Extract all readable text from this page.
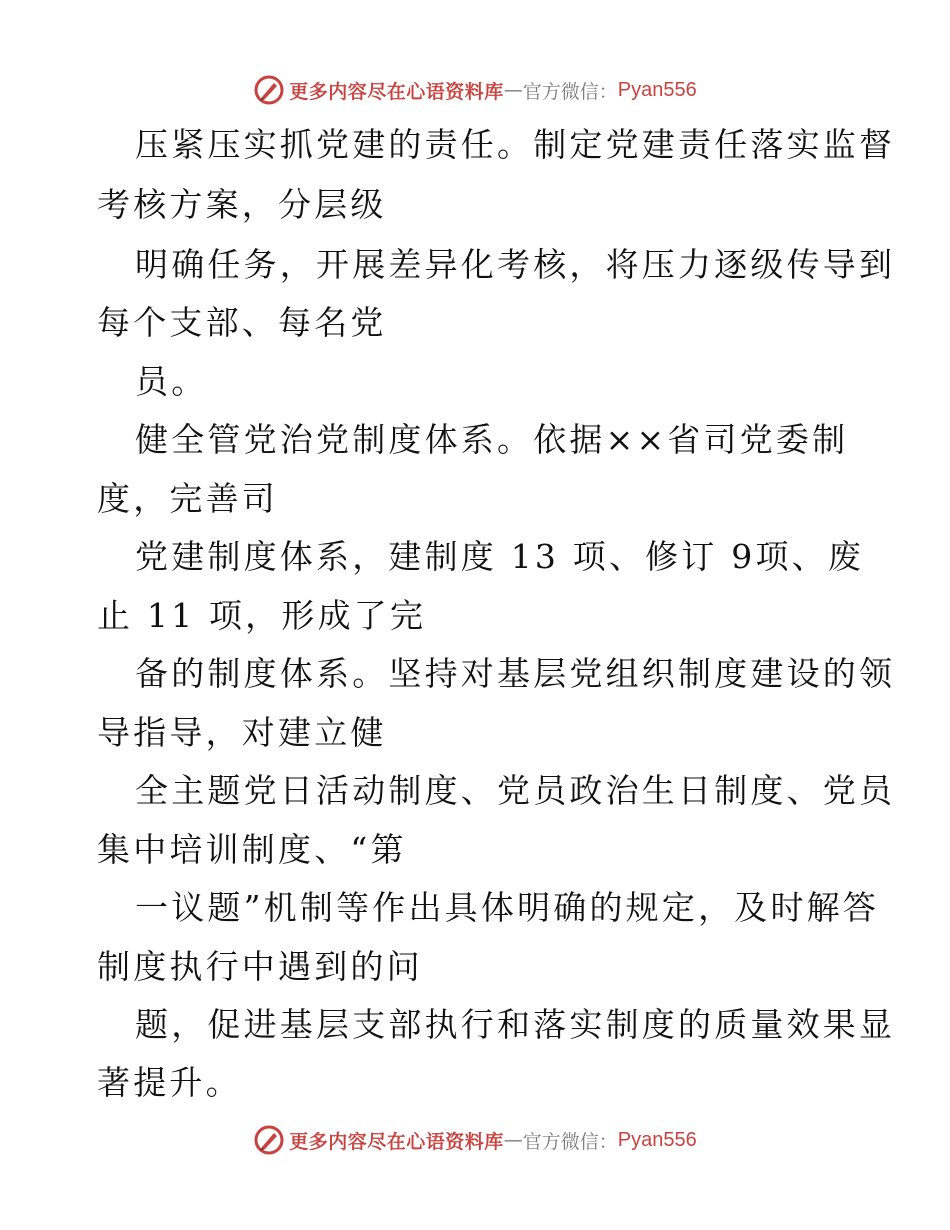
更多内容尽在心语资料库 — 官方微信： Pyan556
压紧压实抓党建的责任。制定党建责任落实监督
考核方案，分层级
明确任务，开展差异化考核，将压力逐级传导到
每个支部、每名党
员。
健全管党治党制度体系。依据××省司党委制
度，完善司
党建制度体系，建制度 13 项、修订 9项、废
止 11 项，形成了完
备的制度体系。坚持对基层党组织制度建设的领
导指导，对建立健
全主题党日活动制度、党员政治生日制度、党员
集中培训制度、“第
一议题”机制等作出具体明确的规定，及时解答
制度执行中遇到的问
题，促进基层支部执行和落实制度的质量效果显
著提升。
更多内容尽在心语资料库 — 官方微信： Pyan556
